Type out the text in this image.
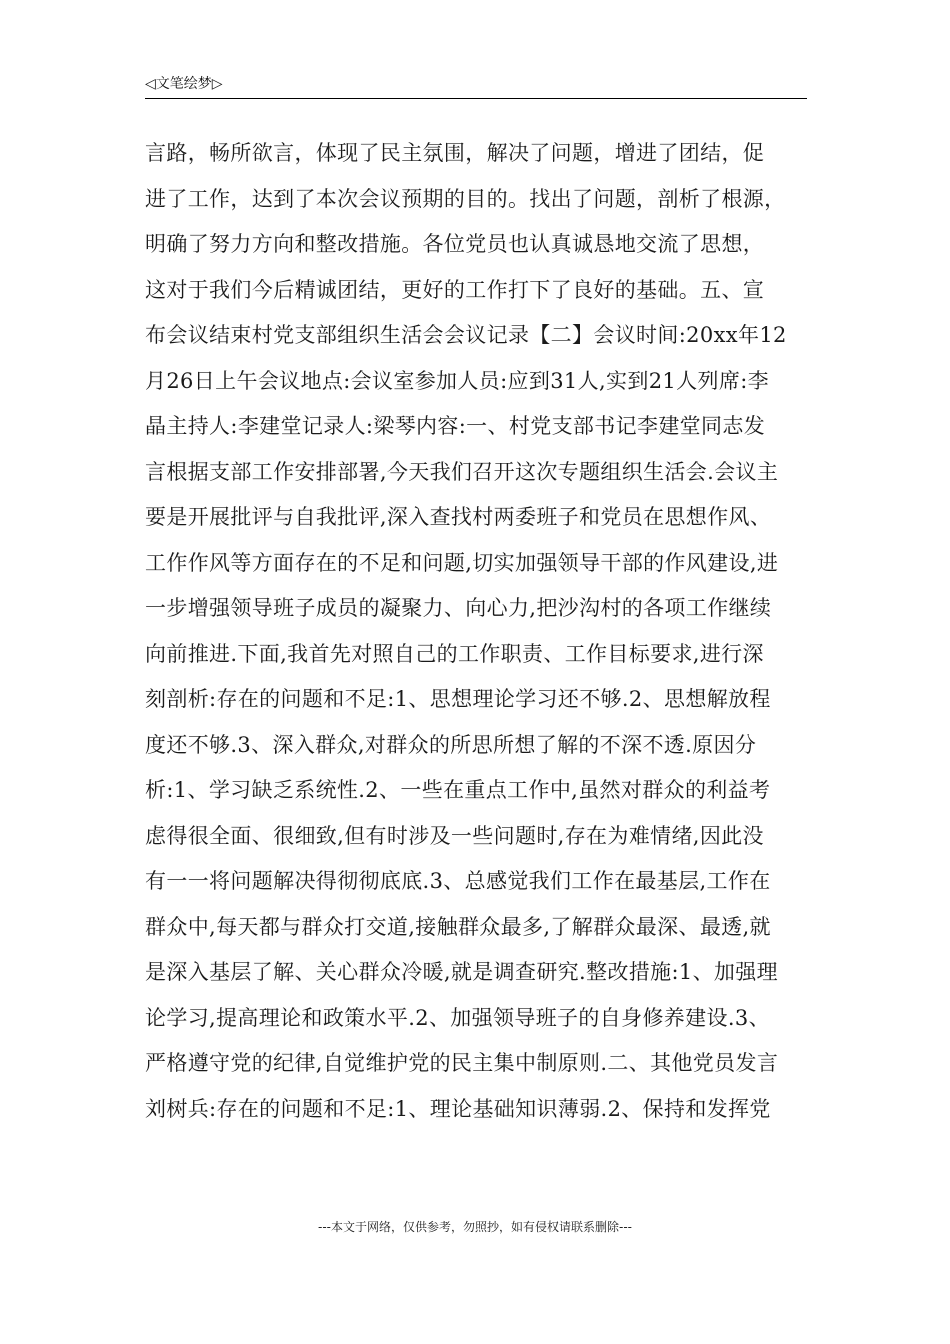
◁文笔绘梦▷
言路，畅所欲言，体现了民主氛围，解决了问题，增进了团结，促
进了工作，达到了本次会议预期的目的。找出了问题，剖析了根源，
明确了努力方向和整改措施。各位党员也认真诚恳地交流了思想，
这对于我们今后精诚团结，更好的工作打下了良好的基础。五、宣
布会议结束村党支部组织生活会会议记录【二】会议时间:20xx年12
月26日上午会议地点:会议室参加人员:应到31人,实到21人列席:李
晶主持人:李建堂记录人:梁琴内容:一、村党支部书记李建堂同志发
言根据支部工作安排部署,今天我们召开这次专题组织生活会.会议主
要是开展批评与自我批评,深入查找村两委班子和党员在思想作风、
工作作风等方面存在的不足和问题,切实加强领导干部的作风建设,进
一步增强领导班子成员的凝聚力、向心力,把沙沟村的各项工作继续
向前推进.下面,我首先对照自己的工作职责、工作目标要求,进行深
刻剖析:存在的问题和不足:1、思想理论学习还不够.2、思想解放程
度还不够.3、深入群众,对群众的所思所想了解的不深不透.原因分
析:1、学习缺乏系统性.2、一些在重点工作中,虽然对群众的利益考
虑得很全面、很细致,但有时涉及一些问题时,存在为难情绪,因此没
有一一将问题解决得彻彻底底.3、总感觉我们工作在最基层,工作在
群众中,每天都与群众打交道,接触群众最多,了解群众最深、最透,就
是深入基层了解、关心群众冷暖,就是调查研究.整改措施:1、加强理
论学习,提高理论和政策水平.2、加强领导班子的自身修养建设.3、
严格遵守党的纪律,自觉维护党的民主集中制原则.二、其他党员发言
刘树兵:存在的问题和不足:1、理论基础知识薄弱.2、保持和发挥党
---本文于网络，仅供参考，勿照抄，如有侵权请联系删除---
